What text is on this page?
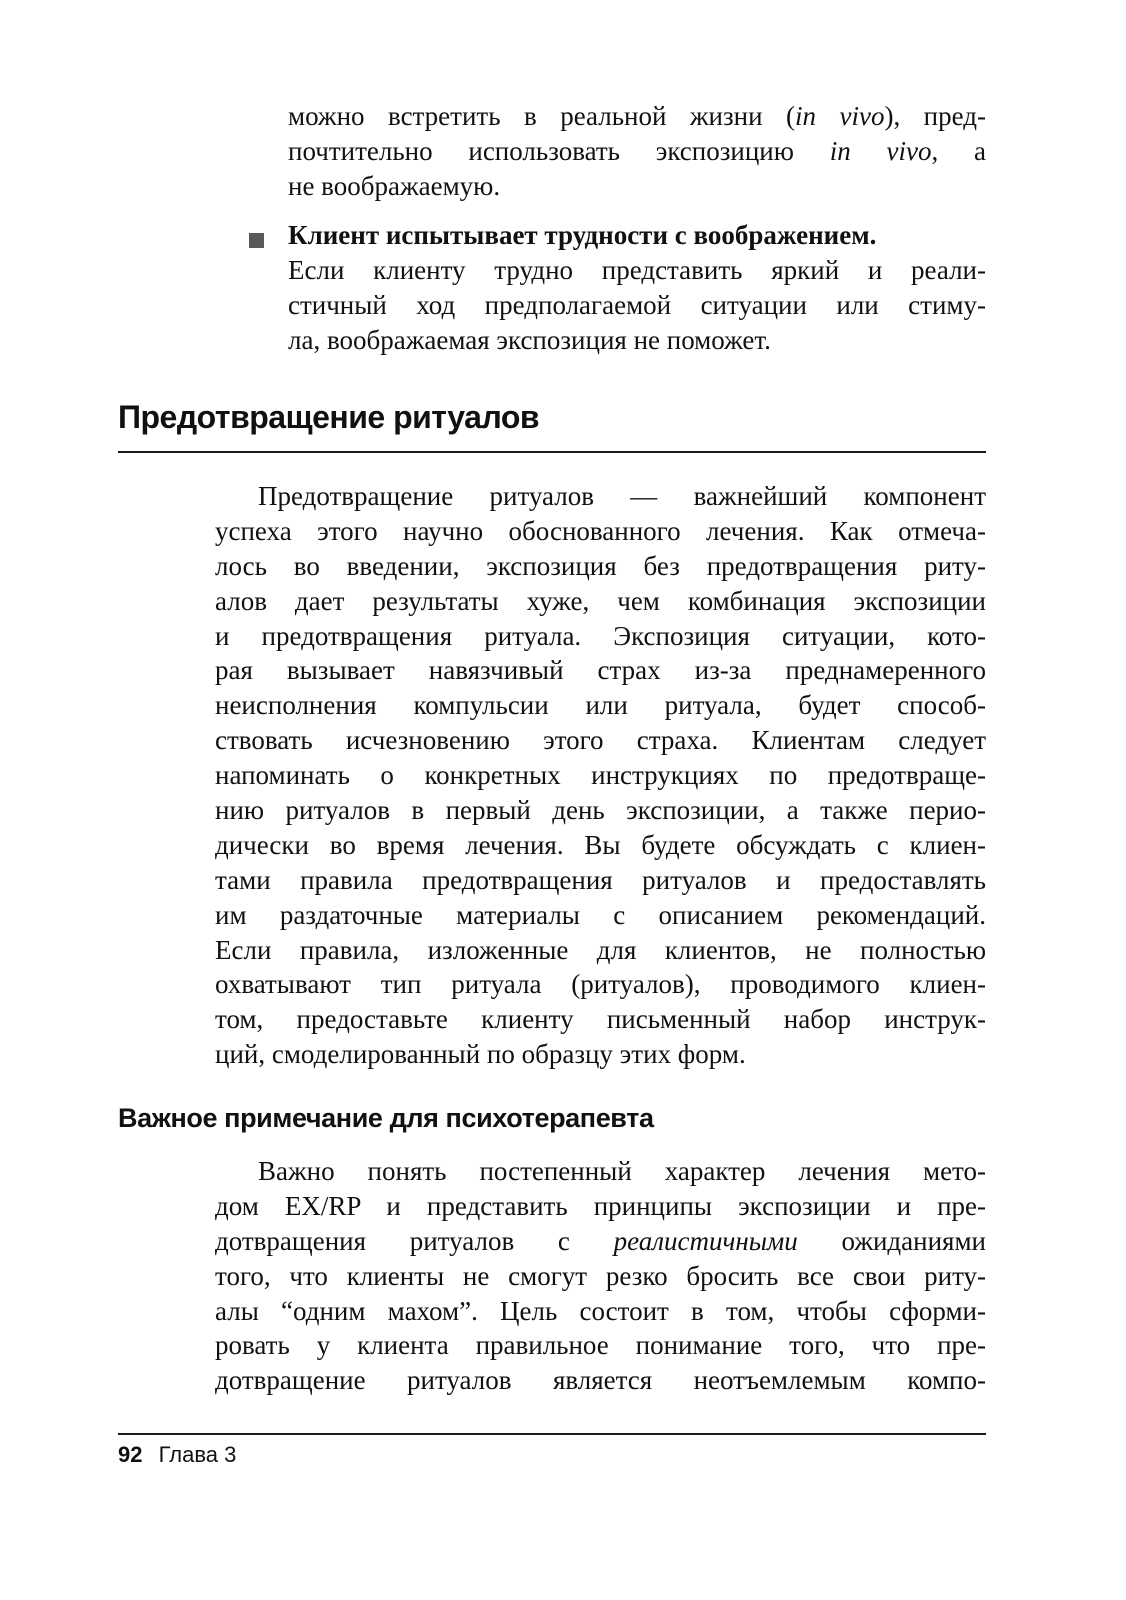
можно встретить в реальной жизни (in vivo), пред-

почтительно использовать экспозицию in vivo, а

не воображаемую.

Клиент испытывает трудности с воображением.

Если клиенту трудно представить яркий и реали-

стичный ход предполагаемой ситуации или стиму-

ла, воображаемая экспозиция не поможет.

Предотвращение ритуалов

Предотвращение ритуалов — важнейший компонент

успеха этого научно обоснованного лечения. Как отмеча-

лось во введении, экспозиция без предотвращения риту-

алов дает результаты хуже, чем комбинация экспозиции

и предотвращения ритуала. Экспозиция ситуации, кото-

рая вызывает навязчивый страх из-за преднамеренного

неисполнения компульсии или ритуала, будет способ-

ствовать исчезновению этого страха. Клиентам следует

напоминать о конкретных инструкциях по предотвраще-

нию ритуалов в первый день экспозиции, а также перио-

дически во время лечения. Вы будете обсуждать с клиен-

тами правила предотвращения ритуалов и предоставлять

им раздаточные материалы с описанием рекомендаций.

Если правила, изложенные для клиентов, не полностью

охватывают тип ритуала (ритуалов), проводимого клиен-

том, предоставьте клиенту письменный набор инструк-

ций, смоделированный по образцу этих форм.

Важное примечание для психотерапевта

Важно понять постепенный характер лечения мето-

дом EX/RP и представить принципы экспозиции и пре-

дотвращения ритуалов с реалистичными ожиданиями

того, что клиенты не смогут резко бросить все свои риту-

алы “одним махом”. Цель состоит в том, чтобы сформи-

ровать у клиента правильное понимание того, что пре-

дотвращение ритуалов является неотъемлемым компо-

92 Глава 3
